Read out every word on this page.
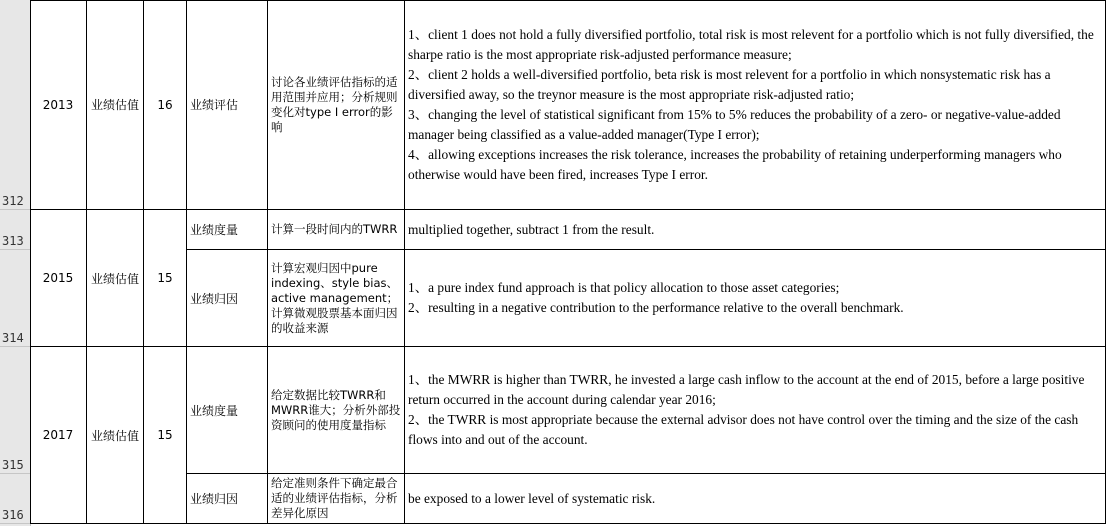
312
313
314
315
316
2013 业绩估值 16 业绩评估
讨论各业绩评估指标的适用范围并应用；分析规则变化对type I error的影响
1、client 1 does not hold a fully diversified portfolio, total risk is most relevent for a portfolio which is not fully diversified, the sharpe ratio is the most appropriate risk-adjusted performance measure;
2、client 2 holds a well-diversified portfolio, beta risk is most relevent for a portfolio in which nonsystematic risk has a diversified away, so the treynor measure is the most appropriate risk-adjusted ratio;
3、changing the level of statistical significant from 15% to 5% reduces the probability of a zero- or negative-value-added manager being classified as a value-added manager(Type I error);
4、allowing exceptions increases the risk tolerance, increases the probability of retaining underperforming managers who otherwise would have been fired, increases Type I error.
2015 业绩估值 15
业绩度量	计算一段时间内的TWRR multiplied together, subtract 1 from the result.
业绩归因
计算宏观归因中pure indexing、style bias、active management；计算微观股票基本面归因的收益来源
1、a pure index fund approach is that policy allocation to those asset categories;
2、resulting in a negative contribution to the performance relative to the overall benchmark.
2017 业绩估值 15
业绩度量
给定数据比较TWRR和MWRR谁大；分析外部投资顾问的使用度量指标
1、the MWRR is higher than TWRR, he invested a large cash inflow to the account at the end of 2015, before a large positive return occurred in the account during calendar year 2016;
2、the TWRR is most appropriate because the external advisor does not have control over the timing and the size of the cash flows into and out of the account.
业绩归因
给定准则条件下确定最合适的业绩评估指标，分析差异化原因
be exposed to a lower level of systematic risk.
